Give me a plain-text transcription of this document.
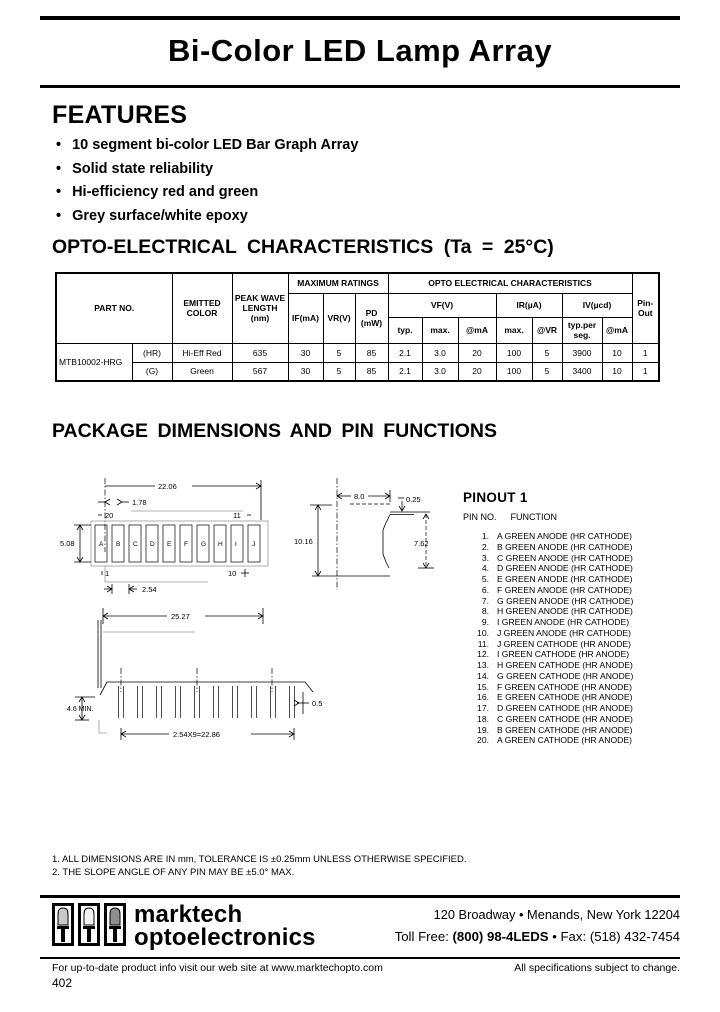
Bi-Color LED Lamp Array
FEATURES
• 10 segment bi-color LED Bar Graph Array
• Solid state reliability
• Hi-efficiency red and green
• Grey surface/white epoxy
OPTO-ELECTRICAL CHARACTERISTICS (Ta = 25°C)
PART NO.		EMITTED COLOR	PEAK WAVE LENGTH (nm)	MAXIMUM RATINGS			OPTO ELECTRICAL CHARACTERISTICS							Pin- Out
				IF(mA)	VR(V)	PD (mW)	VF(V)			IR(µA)		IV(µcd)		
							typ.	max.	@mA	max.	@VR	typ.per seg.	@mA	
MTB10002-HRG	(HR)	Hi-Eff Red	635	30	5	85	2.1	3.0	20	100	5	3900	10	1
	(G)	Green	567	30	5	85	2.1	3.0	20	100	5	3400	10	1
PACKAGE DIMENSIONS AND PIN FUNCTIONS
22.06
1.78
20	11
A B C D E F G H I J
5.08
1	10
2.54
8.0	0.25
10.16	7.62
25.27
4.6 MIN.
0.5
2.54X9=22.86
PINOUT 1
PIN NO. FUNCTION
1. A GREEN ANODE (HR CATHODE)
2. B GREEN ANODE (HR CATHODE)
3. C GREEN ANODE (HR CATHODE)
4. D GREEN ANODE (HR CATHODE)
5. E GREEN ANODE (HR CATHODE)
6. F GREEN ANODE (HR CATHODE)
7. G GREEN ANODE (HR CATHODE)
8. H GREEN ANODE (HR CATHODE)
9. I GREEN ANODE (HR CATHODE)
10. J GREEN ANODE (HR CATHODE)
11. J GREEN CATHODE (HR ANODE)
12. I GREEN CATHODE (HR ANODE)
13. H GREEN CATHODE (HR ANODE)
14. G GREEN CATHODE (HR ANODE)
15. F GREEN CATHODE (HR ANODE)
16. E GREEN CATHODE (HR ANODE)
17. D GREEN CATHODE (HR ANODE)
18. C GREEN CATHODE (HR ANODE)
19. B GREEN CATHODE (HR ANODE)
20. A GREEN CATHODE (HR ANODE)
1. ALL DIMENSIONS ARE IN mm, TOLERANCE IS ±0.25mm UNLESS OTHERWISE SPECIFIED.
2. THE SLOPE ANGLE OF ANY PIN MAY BE ±5.0° MAX.
marktech
optoelectronics
120 Broadway • Menands, New York 12204
Toll Free: (800) 98-4LEDS • Fax: (518) 432-7454
For up-to-date product info visit our web site at www.marktechopto.com	All specifications subject to change.
402
